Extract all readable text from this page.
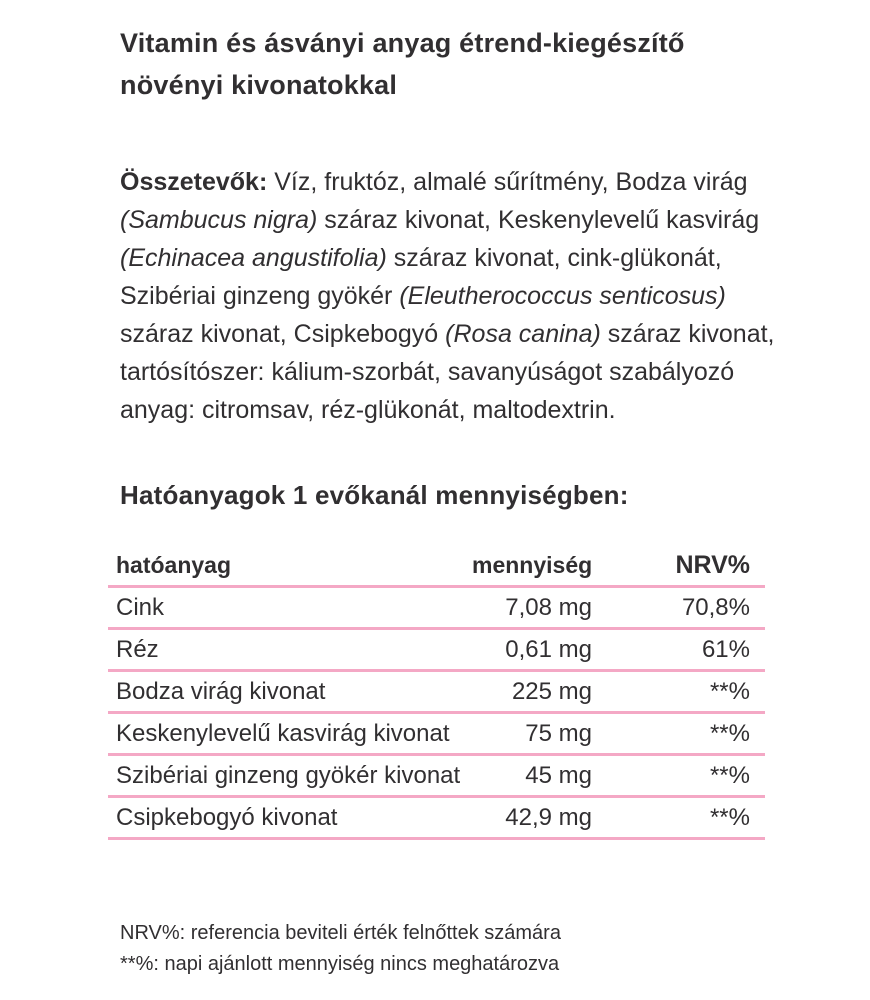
Vitamin és ásványi anyag étrend-kiegészítő
növényi kivonatokkal
Összetevők: Víz, fruktóz, almalé sűrítmény, Bodza virág
(Sambucus nigra) száraz kivonat, Keskenylevelű kasvirág
(Echinacea angustifolia) száraz kivonat, cink-glükonát,
Szibériai ginzeng gyökér (Eleutherococcus senticosus)
száraz kivonat, Csipkebogyó (Rosa canina) száraz kivonat,
tartósítószer: kálium-szorbát, savanyúságot szabályozó
anyag: citromsav, réz-glükonát, maltodextrin.
Hatóanyagok 1 evőkanál mennyiségben:
hatóanyag	mennyiség	NRV%
Cink	7,08 mg	70,8%
Réz	0,61 mg	61%
Bodza virág kivonat	225 mg	**%
Keskenylevelű kasvirág kivonat	75 mg	**%
Szibériai ginzeng gyökér kivonat	45 mg	**%
Csipkebogyó kivonat	42,9 mg	**%
NRV%: referencia beviteli érték felnőttek számára
**%: napi ajánlott mennyiség nincs meghatározva
